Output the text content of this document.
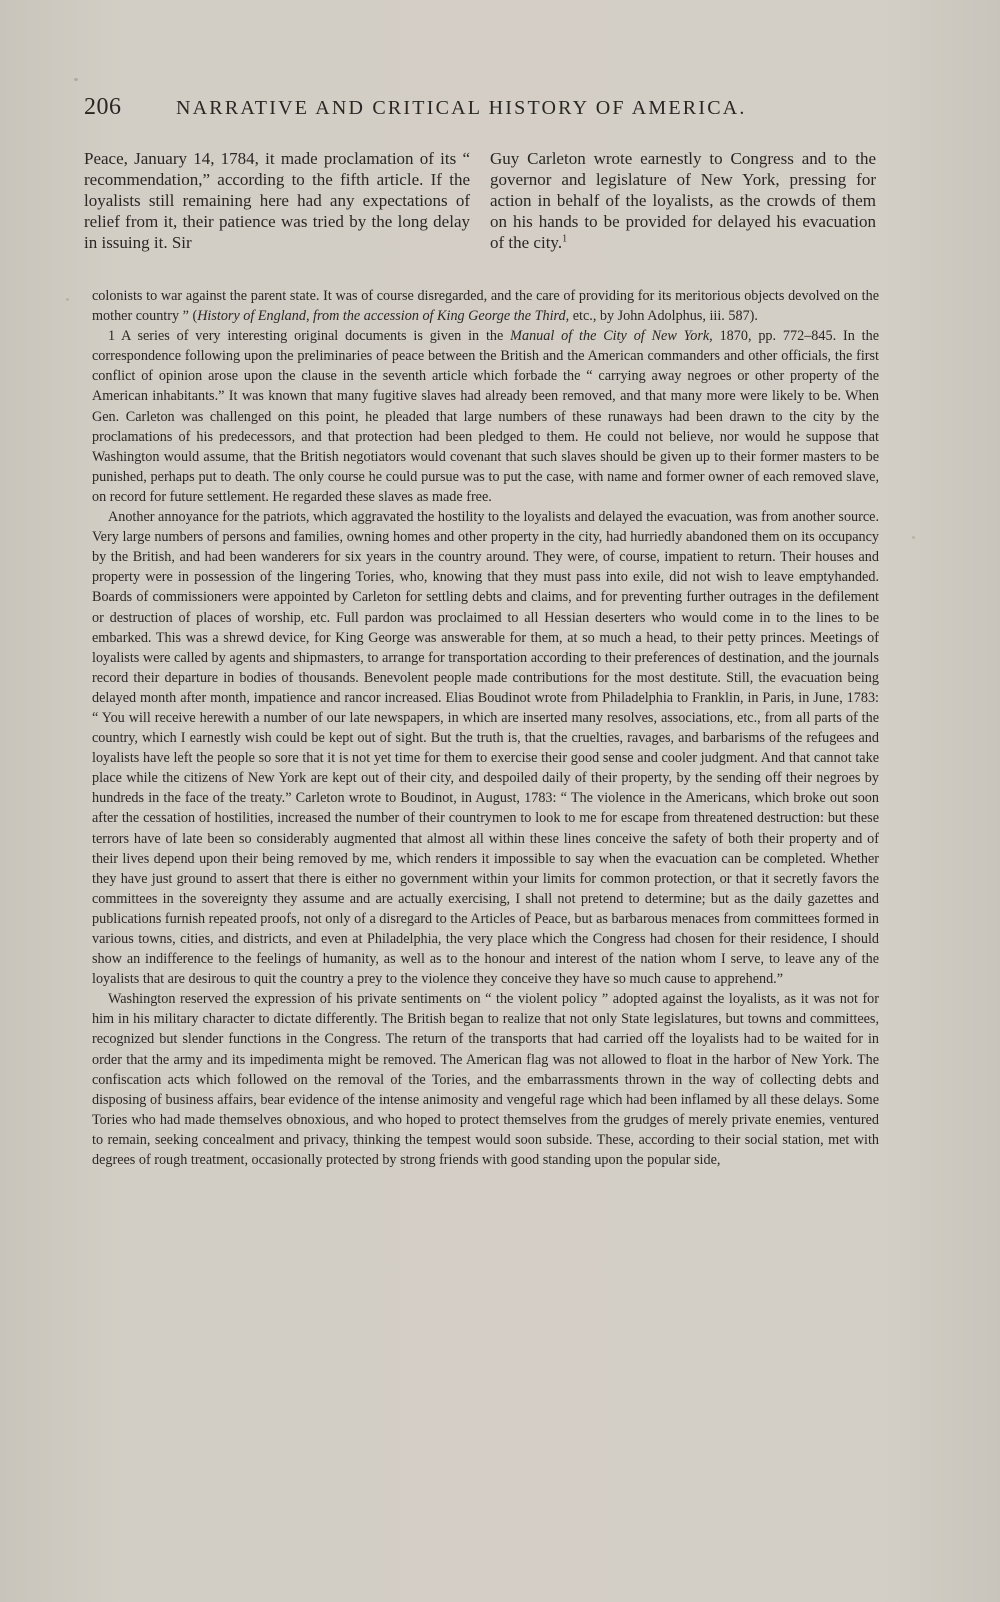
206	NARRATIVE AND CRITICAL HISTORY OF AMERICA.

Peace, January 14, 1784, it made proclamation of its “ recommendation,” according to the fifth article. If the loyalists still remaining here had any expectations of relief from it, their patience was tried by the long delay in issuing it. Sir

Guy Carleton wrote earnestly to Congress and to the governor and legislature of New York, pressing for action in behalf of the loyalists, as the crowds of them on his hands to be provided for delayed his evacuation of the city.$^1$

colonists to war against the parent state. It was of course disregarded, and the care of providing for its meritorious objects devolved on the mother country ” (History of England, from the accession of King George the Third, etc., by John Adolphus, iii. 587).

1 A series of very interesting original documents is given in the Manual of the City of New York, 1870, pp. 772–845. In the correspondence following upon the preliminaries of peace between the British and the American commanders and other officials, the first conflict of opinion arose upon the clause in the seventh article which forbade the “ carrying away negroes or other property of the American inhabitants.” It was known that many fugitive slaves had already been removed, and that many more were likely to be. When Gen. Carleton was challenged on this point, he pleaded that large numbers of these runaways had been drawn to the city by the proclamations of his predecessors, and that protection had been pledged to them. He could not believe, nor would he suppose that Washington would assume, that the British negotiators would covenant that such slaves should be given up to their former masters to be punished, perhaps put to death. The only course he could pursue was to put the case, with name and former owner of each removed slave, on record for future settlement. He regarded these slaves as made free.

Another annoyance for the patriots, which aggravated the hostility to the loyalists and delayed the evacuation, was from another source. Very large numbers of persons and families, owning homes and other property in the city, had hurriedly abandoned them on its occupancy by the British, and had been wanderers for six years in the country around. They were, of course, impatient to return. Their houses and property were in possession of the lingering Tories, who, knowing that they must pass into exile, did not wish to leave emptyhanded. Boards of commissioners were appointed by Carleton for settling debts and claims, and for preventing further outrages in the defilement or destruction of places of worship, etc. Full pardon was proclaimed to all Hessian deserters who would come in to the lines to be embarked. This was a shrewd device, for King George was answerable for them, at so much a head, to their petty princes. Meetings of loyalists were called by agents and shipmasters, to arrange for transportation according to their preferences of destination, and the journals record their departure in bodies of thousands. Benevolent people made contributions for the most destitute. Still, the evacuation being delayed month after month, impatience and rancor increased. Elias Boudinot wrote from Philadelphia to Franklin, in Paris, in June, 1783: “ You will receive herewith a number of our late newspapers, in which are inserted many resolves, associations, etc., from all parts of the country, which I earnestly wish could be kept out of sight. But the truth is, that the cruelties, ravages, and barbarisms of the refugees and loyalists have left the people so sore that it is not yet time for them to exercise their good sense and cooler judgment. And that cannot take place while the citizens of New York are kept out of their city, and despoiled daily of their property, by the sending off their negroes by hundreds in the face of the treaty.” Carleton wrote to Boudinot, in August, 1783: “ The violence in the Americans, which broke out soon after the cessation of hostilities, increased the number of their countrymen to look to me for escape from threatened destruction: but these terrors have of late been so considerably augmented that almost all within these lines conceive the safety of both their property and of their lives depend upon their being removed by me, which renders it impossible to say when the evacuation can be completed. Whether they have just ground to assert that there is either no government within your limits for common protection, or that it secretly favors the committees in the sovereignty they assume and are actually exercising, I shall not pretend to determine; but as the daily gazettes and publications furnish repeated proofs, not only of a disregard to the Articles of Peace, but as barbarous menaces from committees formed in various towns, cities, and districts, and even at Philadelphia, the very place which the Congress had chosen for their residence, I should show an indifference to the feelings of humanity, as well as to the honour and interest of the nation whom I serve, to leave any of the loyalists that are desirous to quit the country a prey to the violence they conceive they have so much cause to apprehend.”

Washington reserved the expression of his private sentiments on “ the violent policy ” adopted against the loyalists, as it was not for him in his military character to dictate differently. The British began to realize that not only State legislatures, but towns and committees, recognized but slender functions in the Congress. The return of the transports that had carried off the loyalists had to be waited for in order that the army and its impedimenta might be removed. The American flag was not allowed to float in the harbor of New York. The confiscation acts which followed on the removal of the Tories, and the embarrassments thrown in the way of collecting debts and disposing of business affairs, bear evidence of the intense animosity and vengeful rage which had been inflamed by all these delays. Some Tories who had made themselves obnoxious, and who hoped to protect themselves from the grudges of merely private enemies, ventured to remain, seeking concealment and privacy, thinking the tempest would soon subside. These, according to their social station, met with degrees of rough treatment, occasionally protected by strong friends with good standing upon the popular side,
